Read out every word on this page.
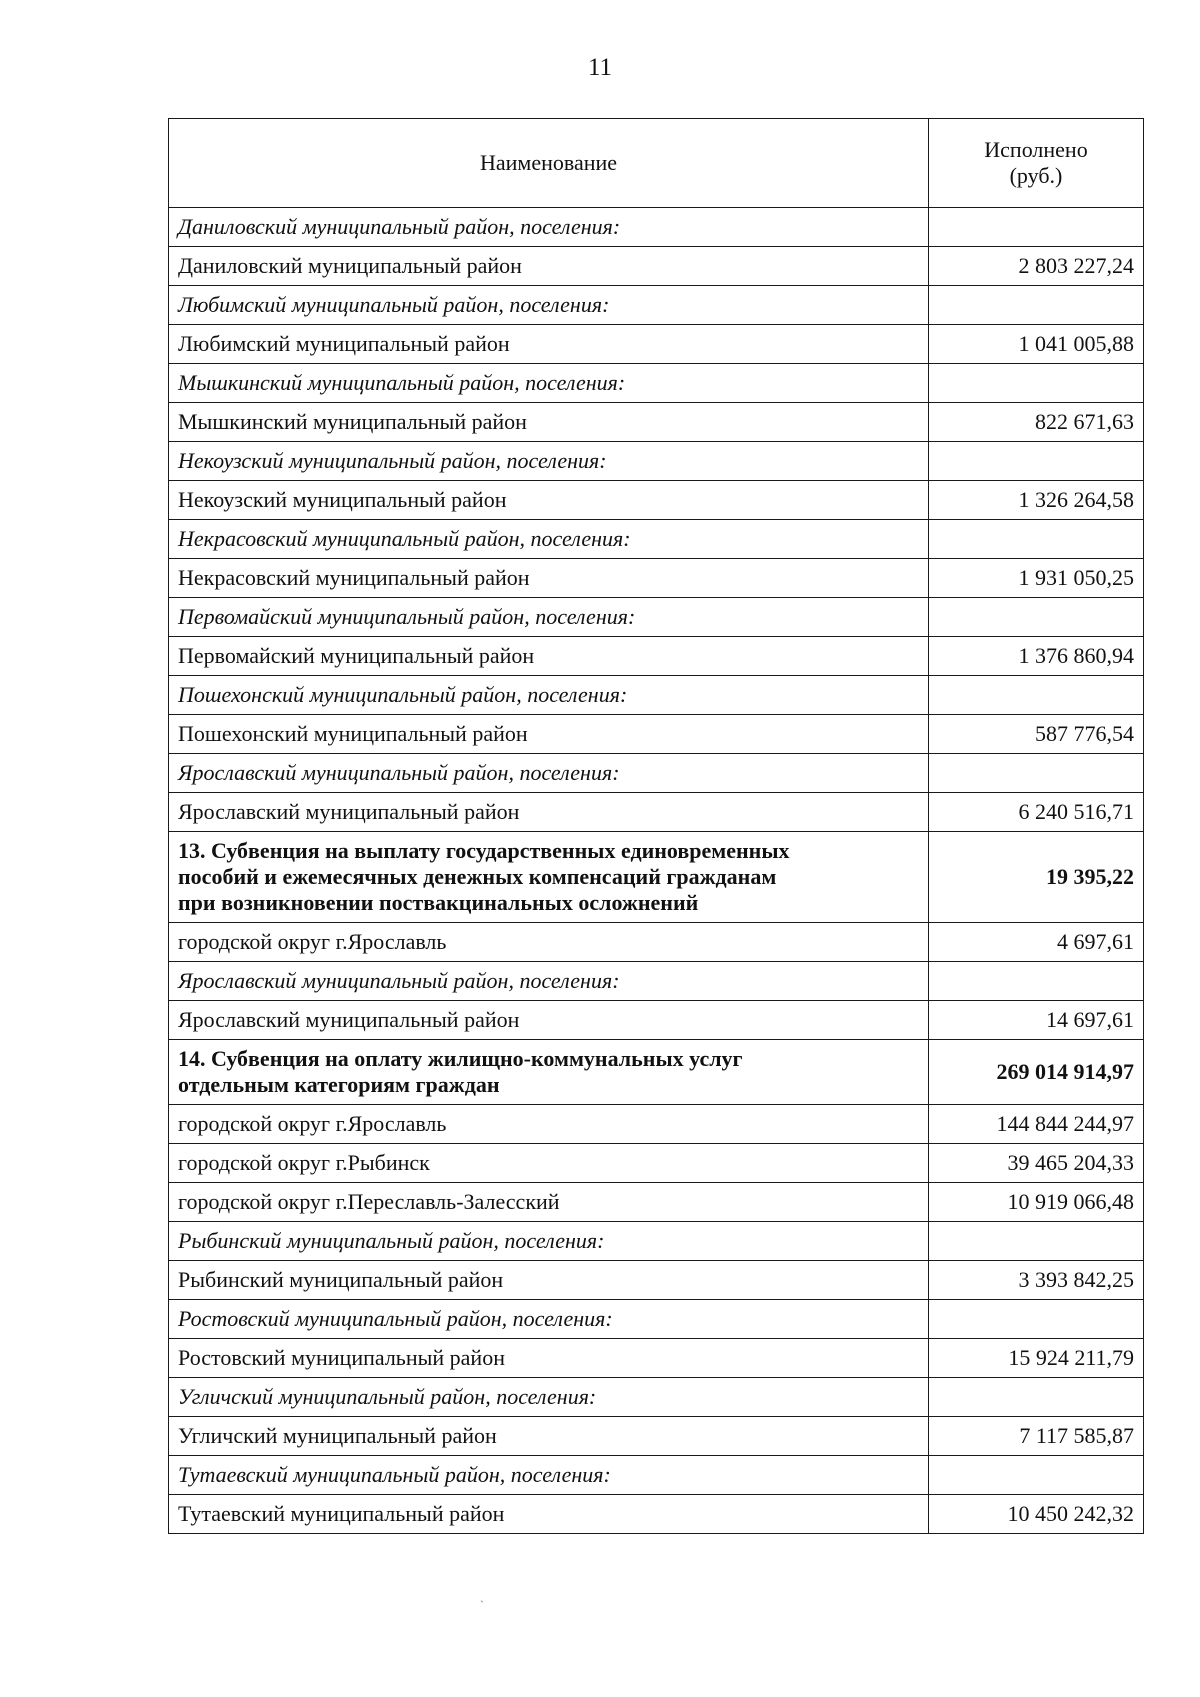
11
Наименование	Исполнено
(руб.)

Даниловский муниципальный район, поселения:	
Даниловский муниципальный район	2 803 227,24
Любимский муниципальный район, поселения:	
Любимский муниципальный район	1 041 005,88
Мышкинский муниципальный район, поселения:	
Мышкинский муниципальный район	822 671,63
Некоузский муниципальный район, поселения:	
Некоузский муниципальный район	1 326 264,58
Некрасовский муниципальный район, поселения:	
Некрасовский муниципальный район	1 931 050,25
Первомайский муниципальный район, поселения:	
Первомайский муниципальный район	1 376 860,94
Пошехонский муниципальный район, поселения:	
Пошехонский муниципальный район	587 776,54
Ярославский муниципальный район, поселения:	
Ярославский муниципальный район	6 240 516,71

13. Субвенция на выплату государственных единовременных
пособий и ежемесячных денежных компенсаций гражданам
при возникновении поствакцинальных осложнений	19 395,22
городской округ г.Ярославль	4 697,61
Ярославский муниципальный район, поселения:	
Ярославский муниципальный район	14 697,61

14. Субвенция на оплату жилищно-коммунальных услуг
отдельным категориям граждан	269 014 914,97
городской округ г.Ярославль	144 844 244,97
городской округ г.Рыбинск	39 465 204,33
городской округ г.Переславль-Залесский	10 919 066,48
Рыбинский муниципальный район, поселения:	
Рыбинский муниципальный район	3 393 842,25
Ростовский муниципальный район, поселения:	
Ростовский муниципальный район	15 924 211,79
Угличский муниципальный район, поселения:	
Угличский муниципальный район	7 117 585,87
Тутаевский муниципальный район, поселения:	
Тутаевский муниципальный район	10 450 242,32
ˏ
